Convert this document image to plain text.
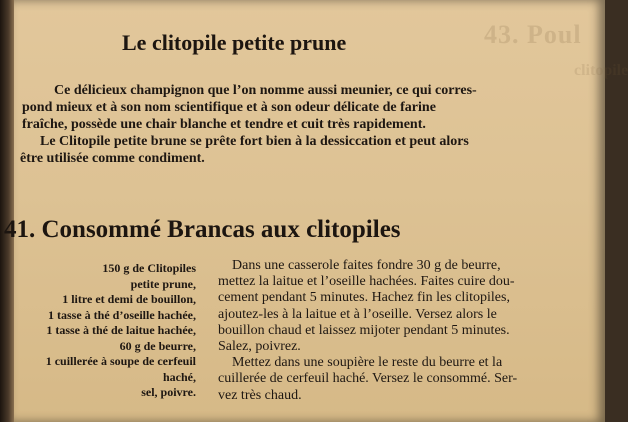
43. Poul
clitopile
Le clitopile petite prune
Ce délicieux champignon que l’on nomme aussi meunier, ce qui corres-
pond mieux et à son nom scientifique et à son odeur délicate de farine
fraîche, possède une chair blanche et tendre et cuit très rapidement.
Le Clitopile petite brune se prête fort bien à la dessiccation et peut alors
être utilisée comme condiment.
41. Consommé Brancas aux clitopiles
150 g de Clitopiles
petite prune,
1 litre et demi de bouillon,
1 tasse à thé d’oseille hachée,
1 tasse à thé de laitue hachée,
60 g de beurre,
1 cuillerée à soupe de cerfeuil
haché,
sel, poivre.
Dans une casserole faites fondre 30 g de beurre,
mettez la laitue et l’oseille hachées. Faites cuire dou-
cement pendant 5 minutes. Hachez fin les clitopiles,
ajoutez-les à la laitue et à l’oseille. Versez alors le
bouillon chaud et laissez mijoter pendant 5 minutes.
Salez, poivrez.
Mettez dans une soupière le reste du beurre et la
cuillerée de cerfeuil haché. Versez le consommé. Ser-
vez très chaud.
